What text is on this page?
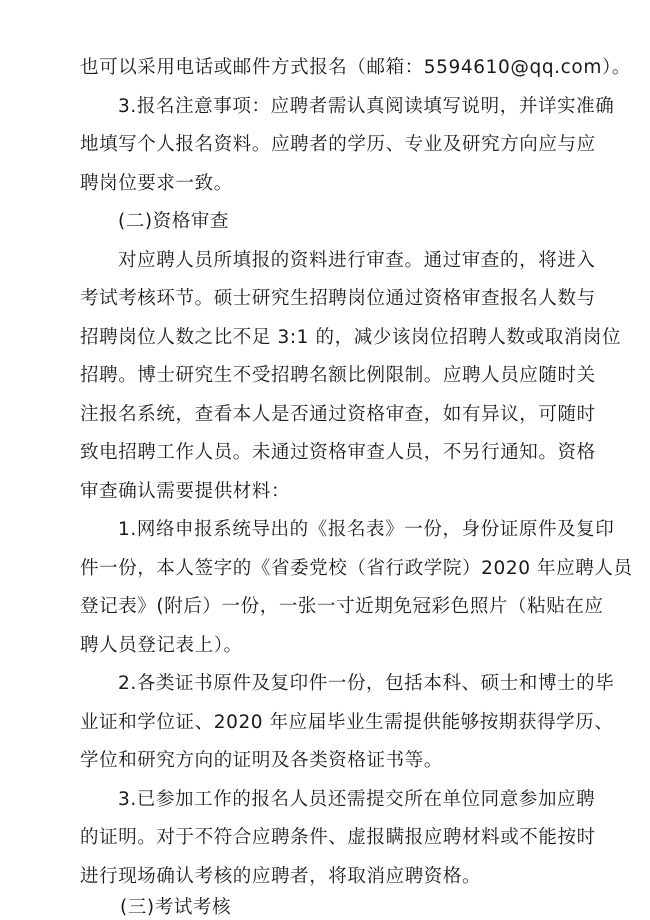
也可以采用电话或邮件方式报名（邮箱：5594610@qq.com）。
3.报名注意事项：应聘者需认真阅读填写说明，并详实准确
地填写个人报名资料。应聘者的学历、专业及研究方向应与应
聘岗位要求一致。
(二)资格审查
对应聘人员所填报的资料进行审查。通过审查的，将进入
考试考核环节。硕士研究生招聘岗位通过资格审查报名人数与
招聘岗位人数之比不足 3:1 的，减少该岗位招聘人数或取消岗位
招聘。博士研究生不受招聘名额比例限制。应聘人员应随时关
注报名系统，查看本人是否通过资格审查，如有异议，可随时
致电招聘工作人员。未通过资格审查人员，不另行通知。资格
审查确认需要提供材料：
1.网络申报系统导出的《报名表》一份，身份证原件及复印
件一份，本人签字的《省委党校（省行政学院）2020 年应聘人员
登记表》(附后）一份，一张一寸近期免冠彩色照片（粘贴在应
聘人员登记表上）。
2.各类证书原件及复印件一份，包括本科、硕士和博士的毕
业证和学位证、2020 年应届毕业生需提供能够按期获得学历、
学位和研究方向的证明及各类资格证书等。
3.已参加工作的报名人员还需提交所在单位同意参加应聘
的证明。对于不符合应聘条件、虚报瞒报应聘材料或不能按时
进行现场确认考核的应聘者，将取消应聘资格。
(三)考试考核
